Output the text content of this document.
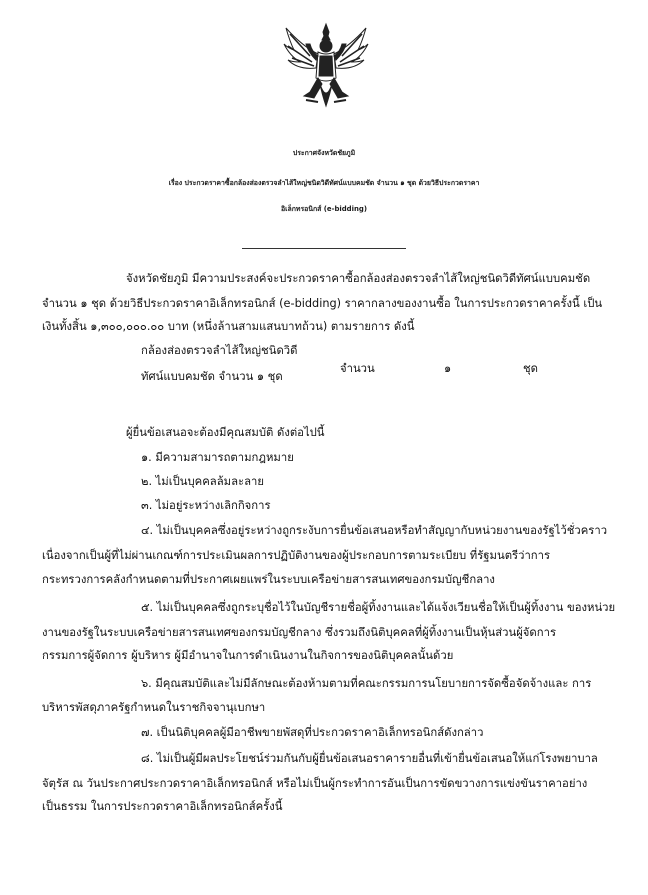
ประกาศจังหวัดชัยภูมิ
เรื่อง ประกวดราคาซื้อกล้องส่องตรวจลำไส้ใหญ่ชนิดวิดีทัศน์แบบคมชัด จำนวน ๑ ชุด ด้วยวิธีประกวดราคา
อิเล็กทรอนิกส์ (e-bidding)
จังหวัดชัยภูมิ มีความประสงค์จะประกวดราคาซื้อกล้องส่องตรวจลำไส้ใหญ่ชนิดวิดีทัศน์แบบคมชัด
จำนวน ๑ ชุด ด้วยวิธีประกวดราคาอิเล็กทรอนิกส์ (e-bidding) ราคากลางของงานซื้อ ในการประกวดราคาครั้งนี้ เป็น
เงินทั้งสิ้น ๑,๓๐๐,๐๐๐.๐๐ บาท (หนึ่งล้านสามแสนบาทถ้วน) ตามรายการ ดังนี้
กล้องส่องตรวจลำไส้ใหญ่ชนิดวิดี
ทัศน์แบบคมชัด จำนวน ๑ ชุด
จำนวน	๑	ชุด
ผู้ยื่นข้อเสนอจะต้องมีคุณสมบัติ ดังต่อไปนี้
๑. มีความสามารถตามกฎหมาย
๒. ไม่เป็นบุคคลล้มละลาย
๓. ไม่อยู่ระหว่างเลิกกิจการ
๔. ไม่เป็นบุคคลซึ่งอยู่ระหว่างถูกระงับการยื่นข้อเสนอหรือทำสัญญากับหน่วยงานของรัฐไว้ชั่วคราว
เนื่องจากเป็นผู้ที่ไม่ผ่านเกณฑ์การประเมินผลการปฏิบัติงานของผู้ประกอบการตามระเบียบ ที่รัฐมนตรีว่าการ
กระทรวงการคลังกำหนดตามที่ประกาศเผยแพร่ในระบบเครือข่ายสารสนเทศของกรมบัญชีกลาง
๕. ไม่เป็นบุคคลซึ่งถูกระบุชื่อไว้ในบัญชีรายชื่อผู้ทิ้งงานและได้แจ้งเวียนชื่อให้เป็นผู้ทิ้งงาน ของหน่วย
งานของรัฐในระบบเครือข่ายสารสนเทศของกรมบัญชีกลาง ซึ่งรวมถึงนิติบุคคลที่ผู้ทิ้งงานเป็นหุ้นส่วนผู้จัดการ
กรรมการผู้จัดการ ผู้บริหาร ผู้มีอำนาจในการดำเนินงานในกิจการของนิติบุคคลนั้นด้วย
๖. มีคุณสมบัติและไม่มีลักษณะต้องห้ามตามที่คณะกรรมการนโยบายการจัดซื้อจัดจ้างและ การ
บริหารพัสดุภาครัฐกำหนดในราชกิจจานุเบกษา
๗. เป็นนิติบุคคลผู้มีอาชีพขายพัสดุที่ประกวดราคาอิเล็กทรอนิกส์ดังกล่าว
๘. ไม่เป็นผู้มีผลประโยชน์ร่วมกันกับผู้ยื่นข้อเสนอราคารายอื่นที่เข้ายื่นข้อเสนอให้แก่โรงพยาบาล
จัตุรัส ณ วันประกาศประกวดราคาอิเล็กทรอนิกส์ หรือไม่เป็นผู้กระทำการอันเป็นการขัดขวางการแข่งขันราคาอย่าง
เป็นธรรม ในการประกวดราคาอิเล็กทรอนิกส์ครั้งนี้
